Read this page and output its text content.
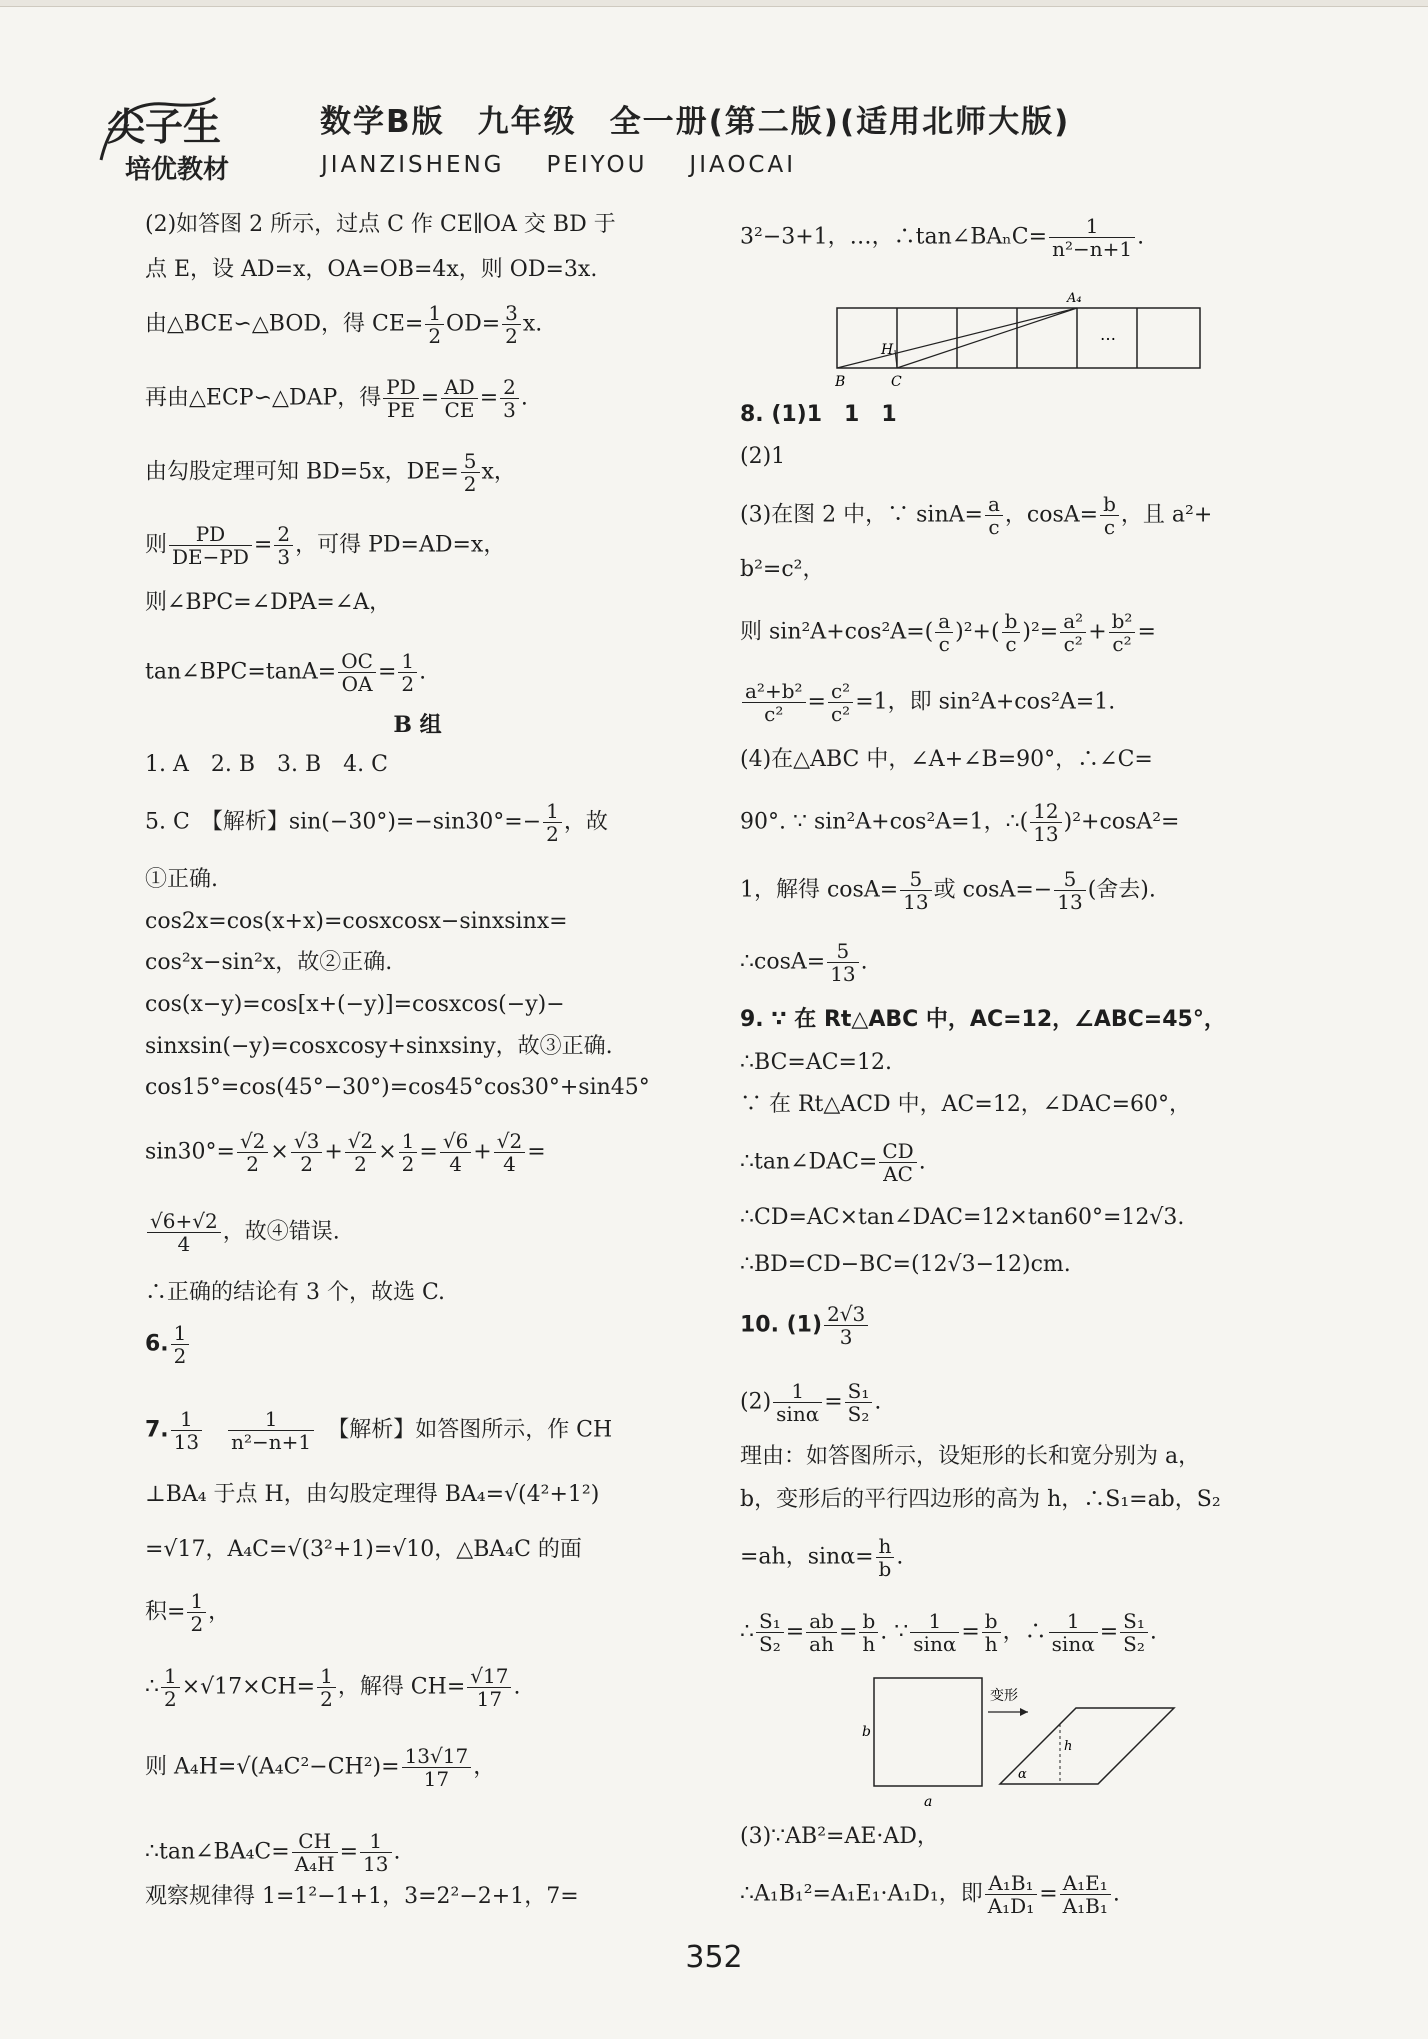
尖子生
培优教材
数学B版　九年级　全一册(第二版)(适用北师大版)
JIANZISHENG PEIYOU JIAOCAI
(2)如答图 2 所示，过点 C 作 CE∥OA 交 BD 于
点 E，设 AD=x，OA=OB=4x，则 OD=3x.
由△BCE∽△BOD，得 $CE= \frac{1}{2} OD= \frac{3}{2} x$.
再由△ECP∽△DAP，得 $\frac{PD}{PE} = \frac{AD}{CE} = \frac{2}{3}$ .
由勾股定理可知 BD=5x，$DE= \frac{5}{2}$ x，
则 $\frac{PD}{DE-PD} = \frac{2}{3}$ ，可得 PD=AD=x，
则∠BPC=∠DPA=∠A，
tan∠BPC=tanA= $\frac{OC}{OA} = \frac{1}{2}$ .
B 组
1. A　2. B　3. B　4. C
5. C　【解析】$\sin(-30^\circ)=-\sin 30^\circ=- \frac{1}{2}$ ，故
①正确.
cos2x=cos(x+x)=cosxcosx−sinxsinx=
cos²x−sin²x，故②正确.
cos(x−y)=cos[x+(−y)]=cosxcos(−y)−
sinxsin(−y)=cosxcosy+sinxsiny，故③正确.
cos15°=cos(45°−30°)=cos45°cos30°+sin45°
$\sin 30^\circ= \frac{√2}{2} \times \frac{√3}{2} + \frac{√2}{2} \times \frac{1}{2} = \frac{√6}{4} + \frac{√2}{4}$ =
$\frac{√6+√2}{4}$ ，故④错误.
∴正确的结论有 3 个，故选 C.
6. $\frac{1}{2}$
7. $\frac{1}{13}$
　 $\frac{1}{\text{n²−n+1}}$
　 【解析】如答图所示，作 CH
⊥BA₄ 于点 H，由勾股定理得 BA₄=√(4²+1²)
=√17，A₄C=√(3²+1)=√10，△BA₄C 的面
积= $\frac{1}{2}$ ，
∴ $\frac{1}{2} \times√17\times CH= \frac{1}{2}$ ，解得 $CH= \frac{√17}{17}$ .
则 $A_4H=√(A_4C^2-CH^2)= \frac{13√17}{17}$ ，
∴tan∠BA₄C= $\frac{CH}{\text{A₄H}} = \frac{1}{13}$ .
观察规律得 1=1²−1+1，3=2²−2+1，7=
3²−3+1，…，∴tan∠BAₙC= $\frac{1}{\text{n²−n+1}}$ .
A₄
H
B	C
…
8. (1)1　1　1
(2)1
(3)在图 2 中，∵ $\sin A= \frac{a}{c}$ ，$\cos A= \frac{b}{c}$ ，且 a²+
b²=c²，
则 $\sin^2A+\cos^2A=( \frac{a}{c} )^2+( \frac{b}{c} )^2= \frac{\text{a²}}{\text{c²}} + \frac{\text{b²}}{\text{c²}}$ =
$\frac{\text{a²+b²}}{\text{c²}} = \frac{\text{c²}}{\text{c²}} =1$，即 sin²A+cos²A=1.
(4)在△ABC 中，∠A+∠B=90°，∴∠C=
90°. ∵ sin²A+cos²A=1，∴( $\frac{12}{13} )^2+\cos A^2=$
1，解得 $\cos A= \frac{5}{13}$ 或 $\cos A=- \frac{5}{13}$ (舍去).
∴cosA= $\frac{5}{13}$ .
9. ∵ 在 Rt△ABC 中，AC=12，∠ABC=45°，
∴BC=AC=12.
∵ 在 Rt△ACD 中，AC=12，∠DAC=60°，
∴tan∠DAC= $\frac{CD}{AC}$ .
∴CD=AC×tan∠DAC=12×tan60°=12√3.
∴BD=CD−BC=(12√3−12)cm.
10. $(1) \frac{2√3}{3}$
$(2) \frac{1}{\sin\alpha} = \frac{\text{S₁}}{\text{S₂}}$ .
理由：如答图所示，设矩形的长和宽分别为 a，
b，变形后的平行四边形的高为 h，∴S₁=ab，S₂
=ah，$\sin\alpha= \frac{h}{b}$ .
∴ $\frac{\text{S₁}}{\text{S₂}} = \frac{ab}{ah} = \frac{b}{h}$ . ∵ $\frac{1}{\sin\alpha} = \frac{b}{h}$ ，∴ $\frac{1}{\sin\alpha} = \frac{\text{S₁}}{\text{S₂}}$ .
b
a
变形
h
α
(3)∵AB²=AE·AD，
∴A₁B₁²=A₁E₁·A₁D₁，即 $\frac{\text{A₁B₁}}{\text{A₁D₁}} = \frac{\text{A₁E₁}}{\text{A₁B₁}}$ .
352
